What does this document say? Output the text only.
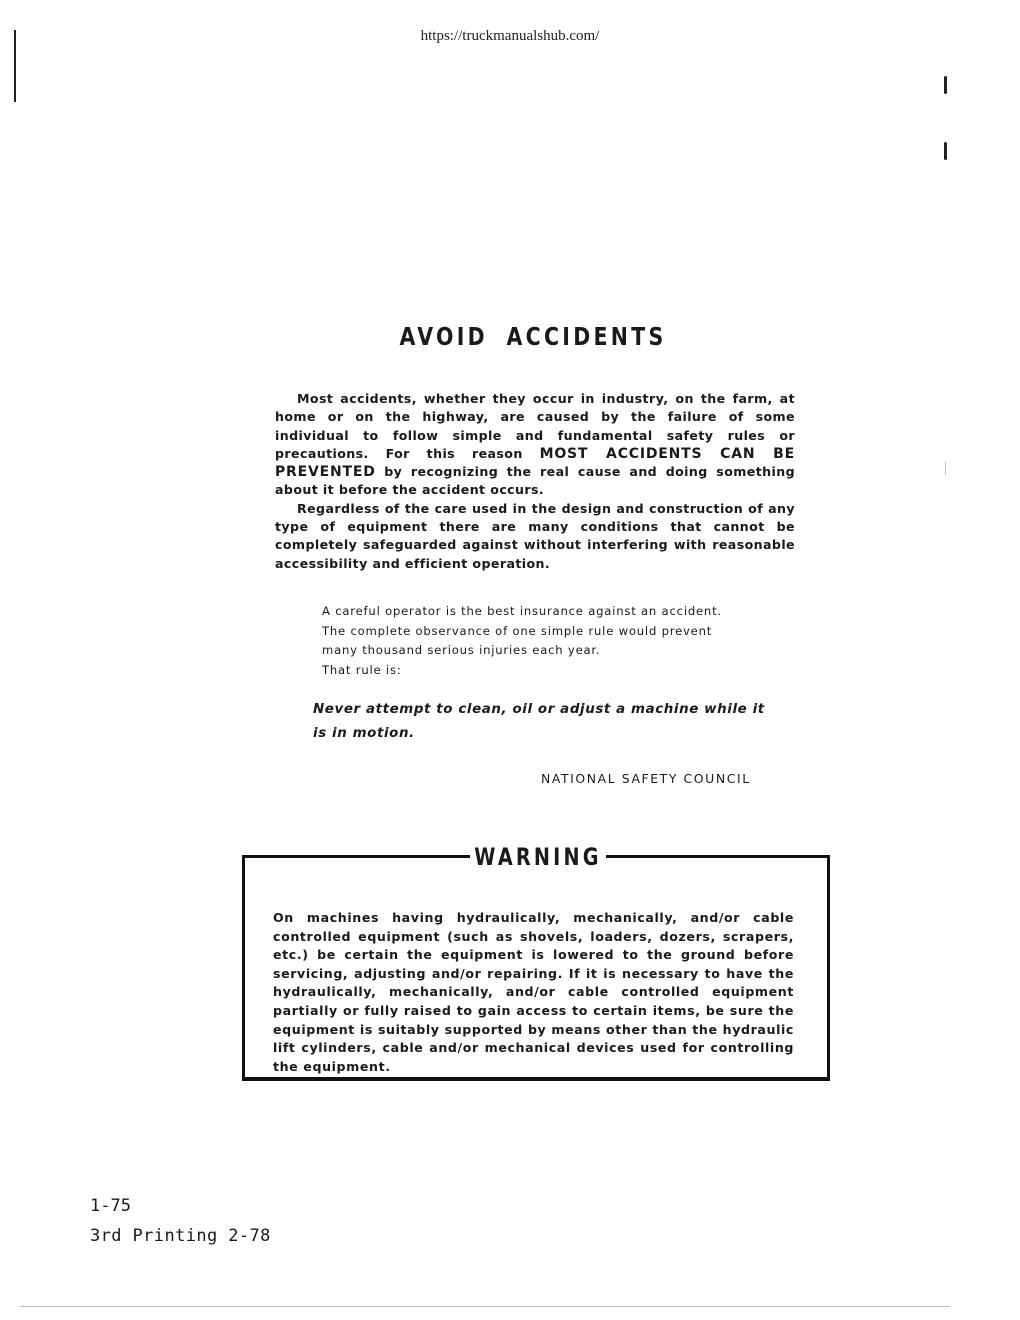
https://truckmanualshub.com/
AVOID ACCIDENTS

Most accidents, whether they occur in industry, on the farm, at home or on the highway, are caused by the failure of some individual to follow simple and fundamental safety rules or precautions. For this reason MOST ACCIDENTS CAN BE PREVENTED by recognizing the real cause and doing something about it before the accident occurs.

Regardless of the care used in the design and construction of any type of equipment there are many conditions that cannot be completely safeguarded against without interfering with reasonable accessibility and efficient operation.

A careful operator is the best insurance against an accident.

The complete observance of one simple rule would prevent

many thousand serious injuries each year.

That rule is:

Never attempt to clean, oil or adjust a machine while it is in motion.
NATIONAL SAFETY COUNCIL
WARNING
On machines having hydraulically, mechanically, and/or cable controlled equipment (such as shovels, loaders, dozers, scrapers, etc.) be certain the equipment is lowered to the ground before servicing, adjusting and/or repairing. If it is necessary to have the hydraulically, mechanically, and/or cable controlled equipment partially or fully raised to gain access to certain items, be sure the equipment is suitably supported by means other than the hydraulic lift cylinders, cable and/or mechanical devices used for controlling the equipment.
1-75
3rd Printing 2-78
